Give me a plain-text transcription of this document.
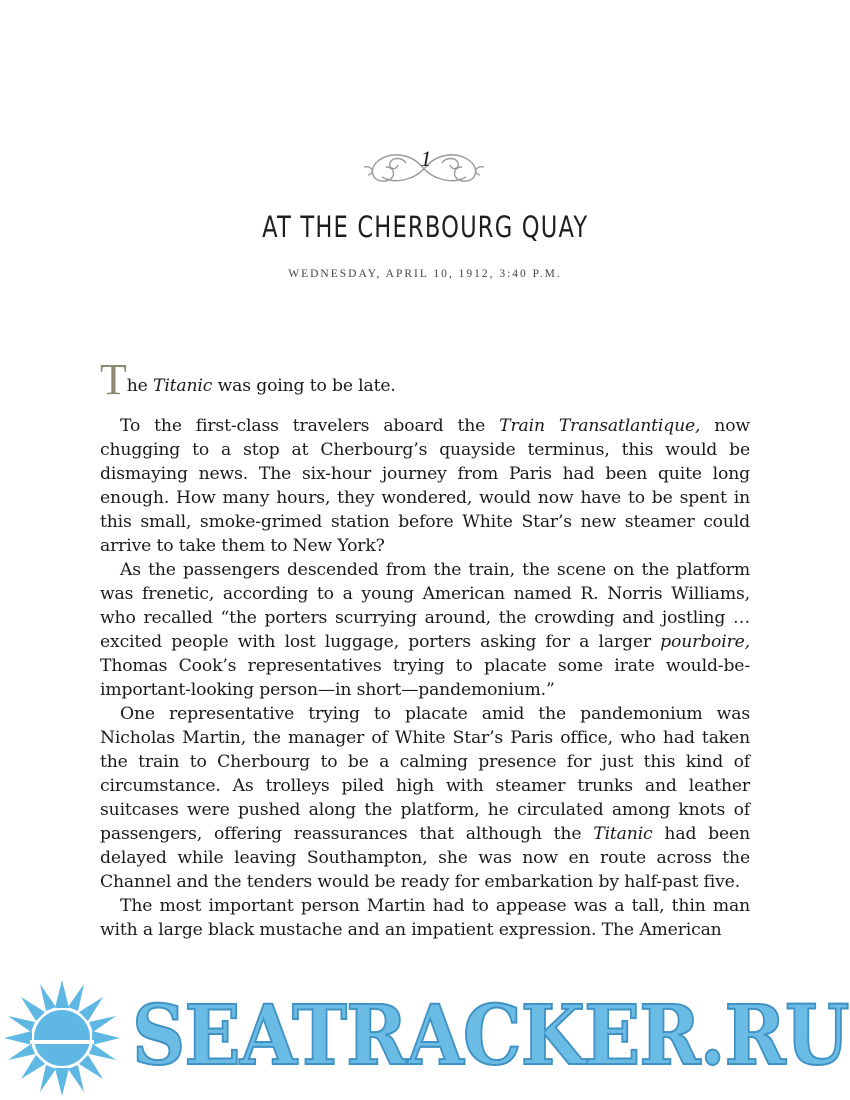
1
AT THE CHERBOURG QUAY
WEDNESDAY, APRIL 10, 1912, 3:40 P.M.

The Titanic was going to be late.

To the first-class travelers aboard the Train Transatlantique, now chugging to a stop at Cherbourg’s quayside terminus, this would be dismaying news. The six-hour journey from Paris had been quite long enough. How many hours, they wondered, would now have to be spent in this small, smoke-grimed station before White Star’s new steamer could arrive to take them to New York?

As the passengers descended from the train, the scene on the platform was frenetic, according to a young American named R. Norris Williams, who recalled “the porters scurrying around, the crowding and jostling … excited people with lost luggage, porters asking for a larger pourboire, Thomas Cook’s representatives trying to placate some irate would-be-important-looking person—in short—pandemonium.”

One representative trying to placate amid the pandemonium was Nicholas Martin, the manager of White Star’s Paris office, who had taken the train to Cherbourg to be a calming presence for just this kind of circumstance. As trolleys piled high with steamer trunks and leather suitcases were pushed along the platform, he circulated among knots of passengers, offering reassurances that although the Titanic had been delayed while leaving Southampton, she was now en route across the Channel and the tenders would be ready for embarkation by half-past five.

The most important person Martin had to appease was a tall, thin man with a large black mustache and an impatient expression. The American

SEATRACKER.RU
